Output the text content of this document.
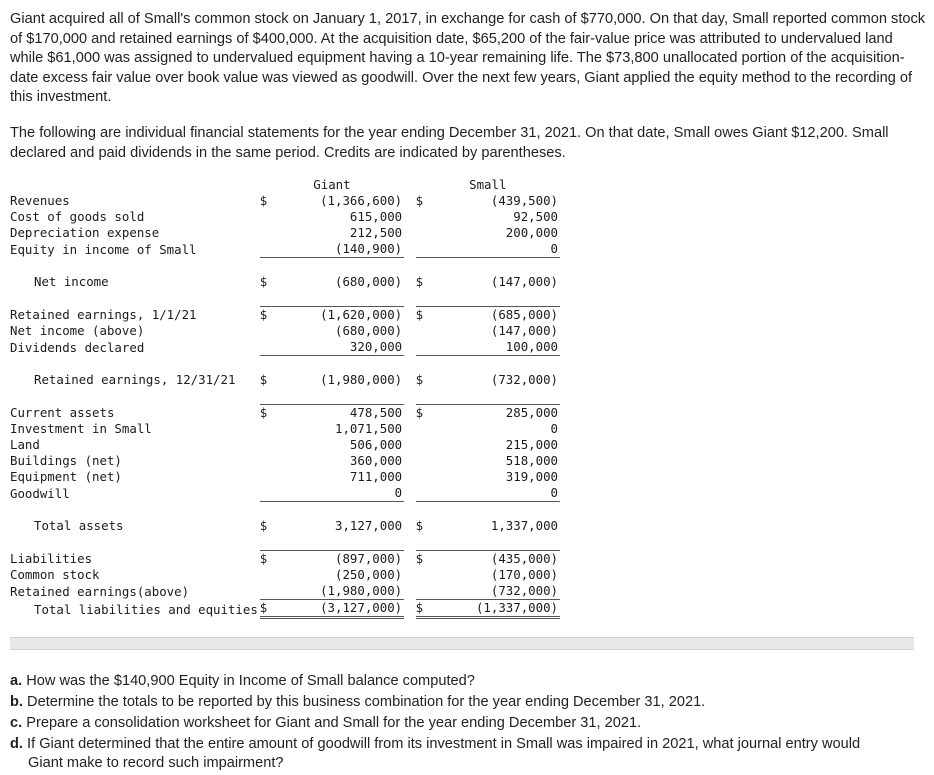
Giant acquired all of Small's common stock on January 1, 2017, in exchange for cash of $770,000. On that day, Small reported common stock of $170,000 and retained earnings of $400,000. At the acquisition date, $65,200 of the fair-value price was attributed to undervalued land while $61,000 was assigned to undervalued equipment having a 10-year remaining life. The $73,800 unallocated portion of the acquisition-date excess fair value over book value was viewed as goodwill. Over the next few years, Giant applied the equity method to the recording of this investment.

The following are individual financial statements for the year ending December 31, 2021. On that date, Small owes Giant $12,200. Small declared and paid dividends in the same period. Credits are indicated by parentheses.

	Giant			Small	
Revenues	$	(1,366,600)		$	(439,500)
Cost of goods sold		615,000			92,500
Depreciation expense		212,500			200,000
Equity in income of Small		(140,900)			0

Net income	$	(680,000)		$	(147,000)

Retained earnings, 1/1/21	$	(1,620,000)		$	(685,000)
Net income (above)		(680,000)			(147,000)
Dividends declared		320,000			100,000

Retained earnings, 12/31/21	$	(1,980,000)		$	(732,000)

Current assets	$	478,500		$	285,000
Investment in Small		1,071,500			0
Land		506,000			215,000
Buildings (net)		360,000			518,000
Equipment (net)		711,000			319,000
Goodwill		0			0

Total assets	$	3,127,000		$	1,337,000

Liabilities	$	(897,000)		$	(435,000)
Common stock		(250,000)			(170,000)
Retained earnings(above)		(1,980,000)			(732,000)
Total liabilities and equities	$	(3,127,000)		$	(1,337,000)
a. How was the $140,900 Equity in Income of Small balance computed?
b. Determine the totals to be reported by this business combination for the year ending December 31, 2021.
c. Prepare a consolidation worksheet for Giant and Small for the year ending December 31, 2021.
d. If Giant determined that the entire amount of goodwill from its investment in Small was impaired in 2021, what journal entry would
Giant make to record such impairment?
